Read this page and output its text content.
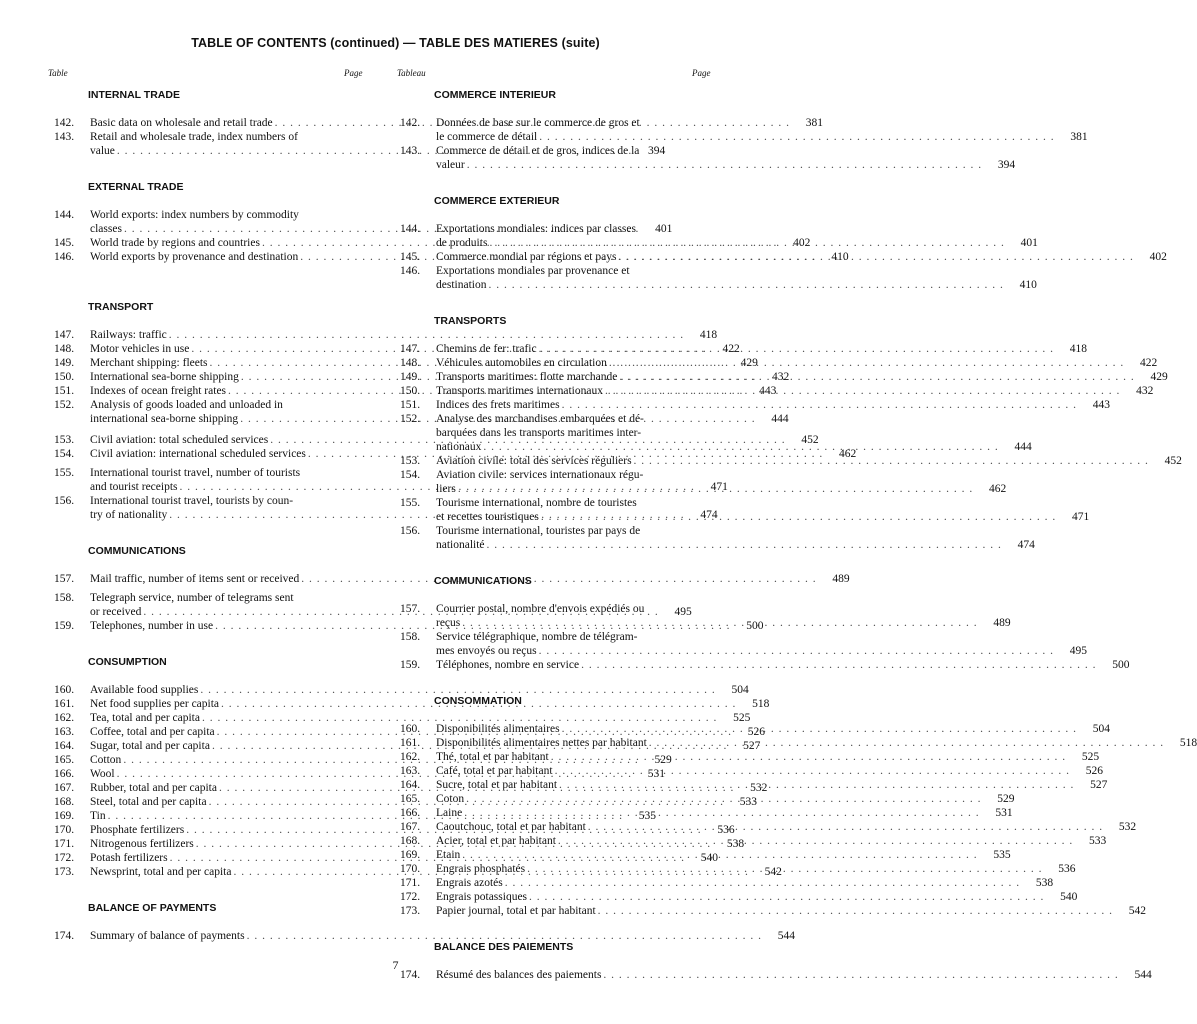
TABLE OF CONTENTS (continued) — TABLE DES MATIERES (suite)
Table	Page	Tableau	Page
INTERNAL TRADE
142.	Basic data on wholesale and retail trade . . .	381
143.	Retail and wholesale trade, index numbers of
value . . .	394
EXTERNAL TRADE
144.	World exports: index numbers by commodity
classes . . .	401
145.	World trade by regions and countries . . .	402
146.	World exports by provenance and destination . . .	410
TRANSPORT
147.	Railways: traffic . . .	418
148.	Motor vehicles in use . . .	422
149.	Merchant shipping: fleets . . .	429
150.	International sea-borne shipping . . .	432
151.	Indexes of ocean freight rates . . .	443
152.	Analysis of goods loaded and unloaded in
international sea-borne shipping . . .	444
153.	Civil aviation: total scheduled services . . .	452
154.	Civil aviation: international scheduled services . . .	462
155.	International tourist travel, number of tourists
and tourist receipts . . .	471
156.	International tourist travel, tourists by coun-
try of nationality . . .	474
COMMUNICATIONS
157.	Mail traffic, number of items sent or received . . .	489
158.	Telegraph service, number of telegrams sent
or received . . .	495
159.	Telephones, number in use . . .	500
CONSUMPTION
160.	Available food supplies . . .	504
161.	Net food supplies per capita . . .	518
162.	Tea, total and per capita . . .	525
163.	Coffee, total and per capita . . .	526
164.	Sugar, total and per capita . . .	527
165.	Cotton . . .	529
166.	Wool . . .	531
167.	Rubber, total and per capita . . .	532
168.	Steel, total and per capita . . .	533
169.	Tin . . .	535
170.	Phosphate fertilizers . . .	536
171.	Nitrogenous fertilizers . . .	538
172.	Potash fertilizers . . .	540
173.	Newsprint, total and per capita . . .	542
BALANCE OF PAYMENTS
174.	Summary of balance of payments . . .	544
COMMERCE INTERIEUR
142.	Données de base sur le commerce de gros et
le commerce de détail . . .	381
143.	Commerce de détail et de gros, indices de la
valeur . . .	394
COMMERCE EXTERIEUR
144.	Exportations mondiales: indices par classes
de produits . . .	401
145.	Commerce mondial par régions et pays . . .	402
146.	Exportations mondiales par provenance et
destination . . .	410
TRANSPORTS
147.	Chemins de fer: trafic . . .	418
148.	Véhicules automobiles en circulation . . .	422
149.	Transports maritimes: flotte marchande . . .	429
150.	Transports maritimes internationaux . . .	432
151.	Indices des frets maritimes . . .	443
152.	Analyse des marchandises embarquées et dé-
barquées dans les transports maritimes inter-
nationaux . . .	444
153.	Aviation civile: total des services réguliers . . .	452
154.	Aviation civile: services internationaux régu-
liers . . .	462
155.	Tourisme international, nombre de touristes
et recettes touristiques . . .	471
156.	Tourisme international, touristes par pays de
nationalité . . .	474
COMMUNICATIONS
157.	Courrier postal, nombre d'envois expédiés ou
reçus . . .	489
158.	Service télégraphique, nombre de télégram-
mes envoyés ou reçus . . .	495
159.	Téléphones, nombre en service . . .	500
CONSOMMATION
160.	Disponibilités alimentaires . . .	504
161.	Disponibilités alimentaires nettes par habitant . . .	518
162.	Thé, total et par habitant . . .	525
163.	Café, total et par habitant . . .	526
164.	Sucre, total et par habitant . . .	527
165.	Coton . . .	529
166.	Laine . . .	531
167.	Caoutchouc, total et par habitant . . .	532
168.	Acier, total et par habitant . . .	533
169.	Etain . . .	535
170.	Engrais phosphatés . . .	536
171.	Engrais azotés . . .	538
172.	Engrais potassiques . . .	540
173.	Papier journal, total et par habitant . . .	542
BALANCE DES PAIEMENTS
174.	Résumé des balances des paiements . . .	544
7
